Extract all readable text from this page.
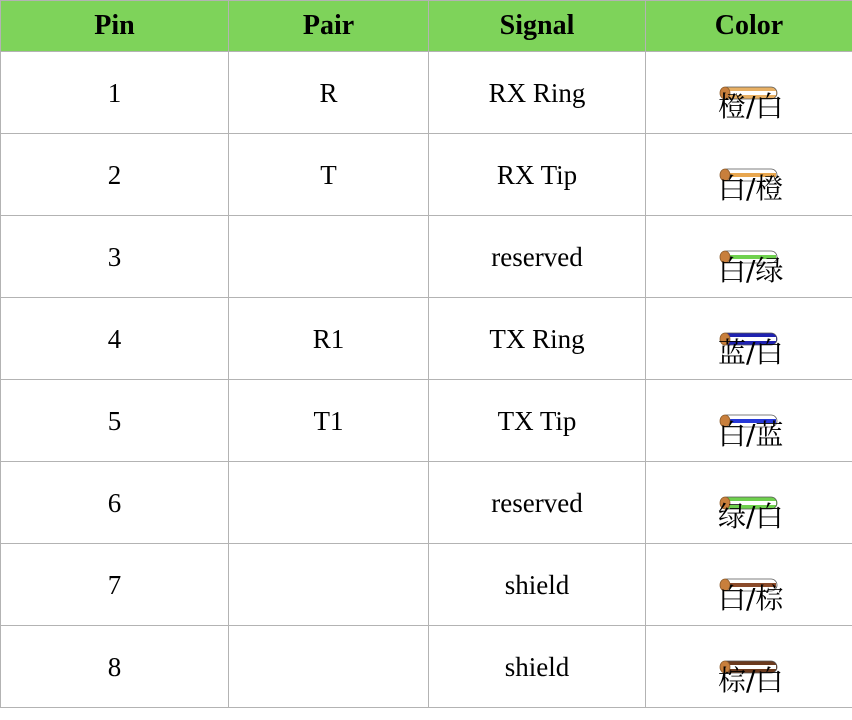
Pin	Pair	Signal	Color
1	R	RX Ring	橙/白

2	T	RX Tip	白/橙

3		reserved	白/绿

4	R1	TX Ring	蓝/白

5	T1	TX Tip	白/蓝

6		reserved	绿/白

7		shield	白/棕

8		shield	棕/白
